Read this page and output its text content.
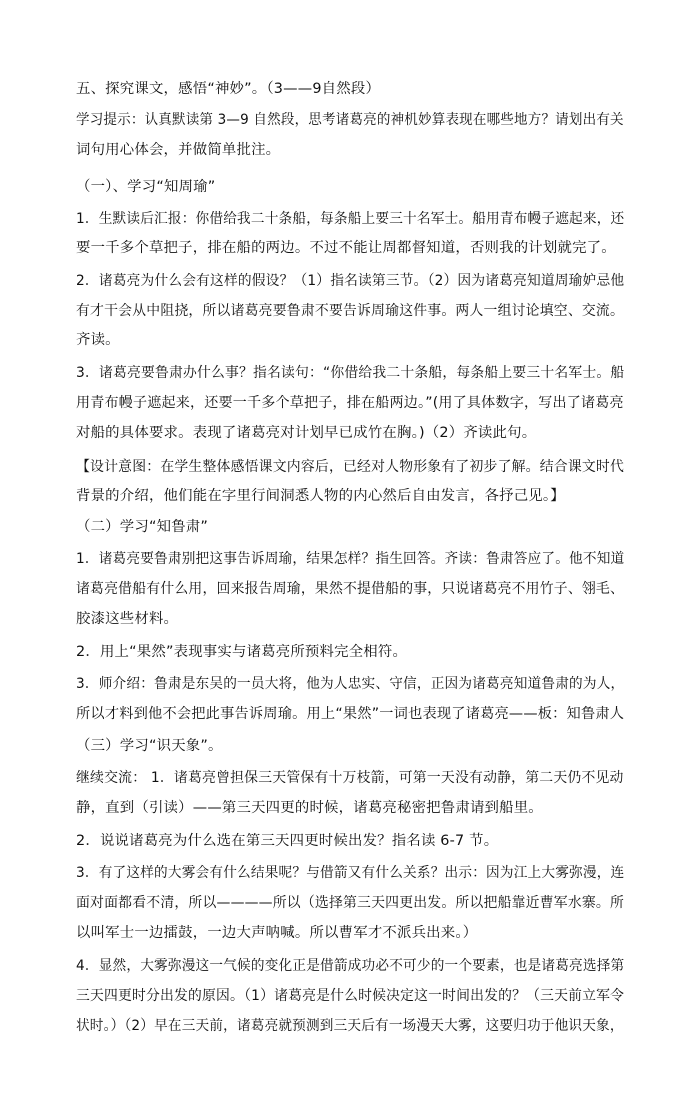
五、探究课文，感悟“神妙”。（3——9自然段）
学习提示：认真默读第 3—9 自然段，思考诸葛亮的神机妙算表现在哪些地方？请划出有关
词句用心体会，并做简单批注。
（一）、学习“知周瑜”
1．生默读后汇报：你借给我二十条船，每条船上要三十名军士。船用青布幔子遮起来，还
要一千多个草把子，排在船的两边。不过不能让周都督知道，否则我的计划就完了。
2．诸葛亮为什么会有这样的假设？（1）指名读第三节。（2）因为诸葛亮知道周瑜妒忌他
有才干会从中阻挠，所以诸葛亮要鲁肃不要告诉周瑜这件事。两人一组讨论填空、交流。
齐读。
3．诸葛亮要鲁肃办什么事？指名读句：“你借给我二十条船，每条船上要三十名军士。船
用青布幔子遮起来，还要一千多个草把子，排在船两边。”(用了具体数字，写出了诸葛亮
对船的具体要求。表现了诸葛亮对计划早已成竹在胸。)（2）齐读此句。
【设计意图：在学生整体感悟课文内容后，已经对人物形象有了初步了解。结合课文时代
背景的介绍，他们能在字里行间洞悉人物的内心然后自由发言，各抒己见。】
（二）学习“知鲁肃”
1．诸葛亮要鲁肃别把这事告诉周瑜，结果怎样？指生回答。齐读：鲁肃答应了。他不知道
诸葛亮借船有什么用，回来报告周瑜，果然不提借船的事，只说诸葛亮不用竹子、翎毛、
胶漆这些材料。
2．用上“果然”表现事实与诸葛亮所预料完全相符。
3．师介绍：鲁肃是东吴的一员大将，他为人忠实、守信，正因为诸葛亮知道鲁肃的为人，
所以才料到他不会把此事告诉周瑜。用上“果然”一词也表现了诸葛亮——板：知鲁肃人
（三）学习“识天象”。
继续交流： 1．诸葛亮曾担保三天管保有十万枝箭，可第一天没有动静，第二天仍不见动
静，直到（引读）——第三天四更的时候，诸葛亮秘密把鲁肃请到船里。
2．说说诸葛亮为什么选在第三天四更时候出发？指名读 6-7 节。
3．有了这样的大雾会有什么结果呢？与借箭又有什么关系？出示：因为江上大雾弥漫，连
面对面都看不清，所以————所以（选择第三天四更出发。所以把船靠近曹军水寨。所
以叫军士一边擂鼓，一边大声呐喊。所以曹军才不派兵出来。）
4．显然，大雾弥漫这一气候的变化正是借箭成功必不可少的一个要素，也是诸葛亮选择第
三天四更时分出发的原因。（1）诸葛亮是什么时候决定这一时间出发的？（三天前立军令
状时。）（2）早在三天前，诸葛亮就预测到三天后有一场漫天大雾，这要归功于他识天象，
